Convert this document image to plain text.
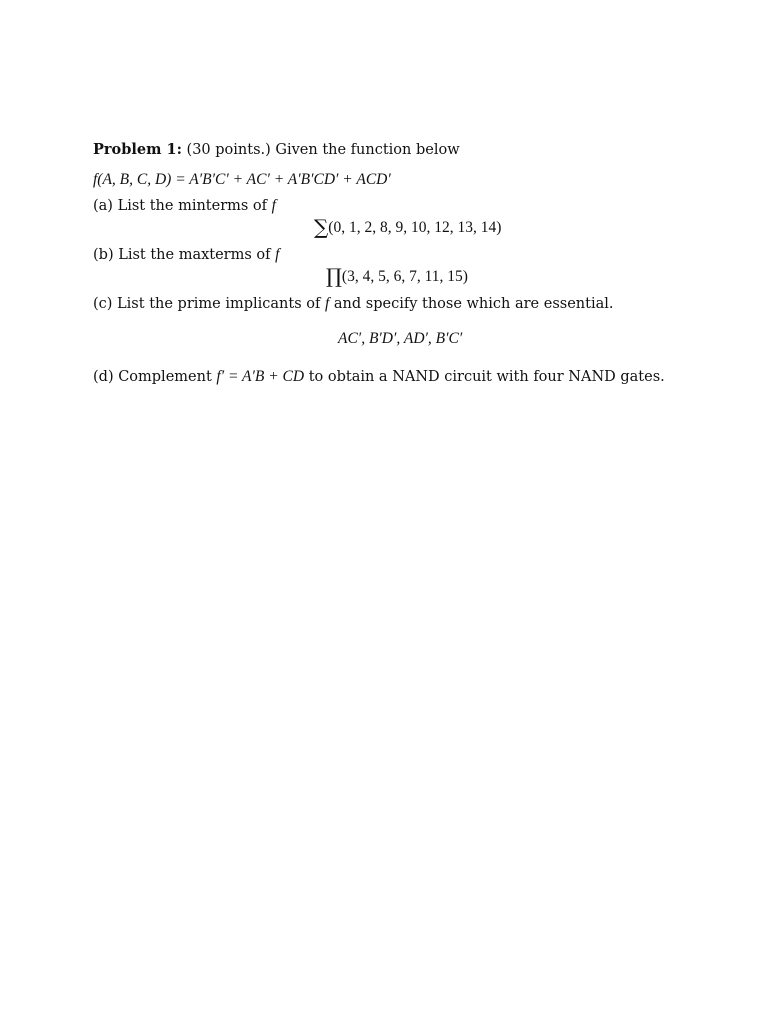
Problem 1: (30 points.) Given the function below
f(A, B, C, D) = A′B′C′ + AC′ + A′B′CD′ + ACD′
(a) List the minterms of f
∑(0, 1, 2, 8, 9, 10, 12, 13, 14)
(b) List the maxterms of f
∏(3, 4, 5, 6, 7, 11, 15)
(c) List the prime implicants of f and specify those which are essential.
AC′, B′D′, AD′, B′C′
(d) Complement f′ = A′B + CD to obtain a NAND circuit with four NAND gates.
